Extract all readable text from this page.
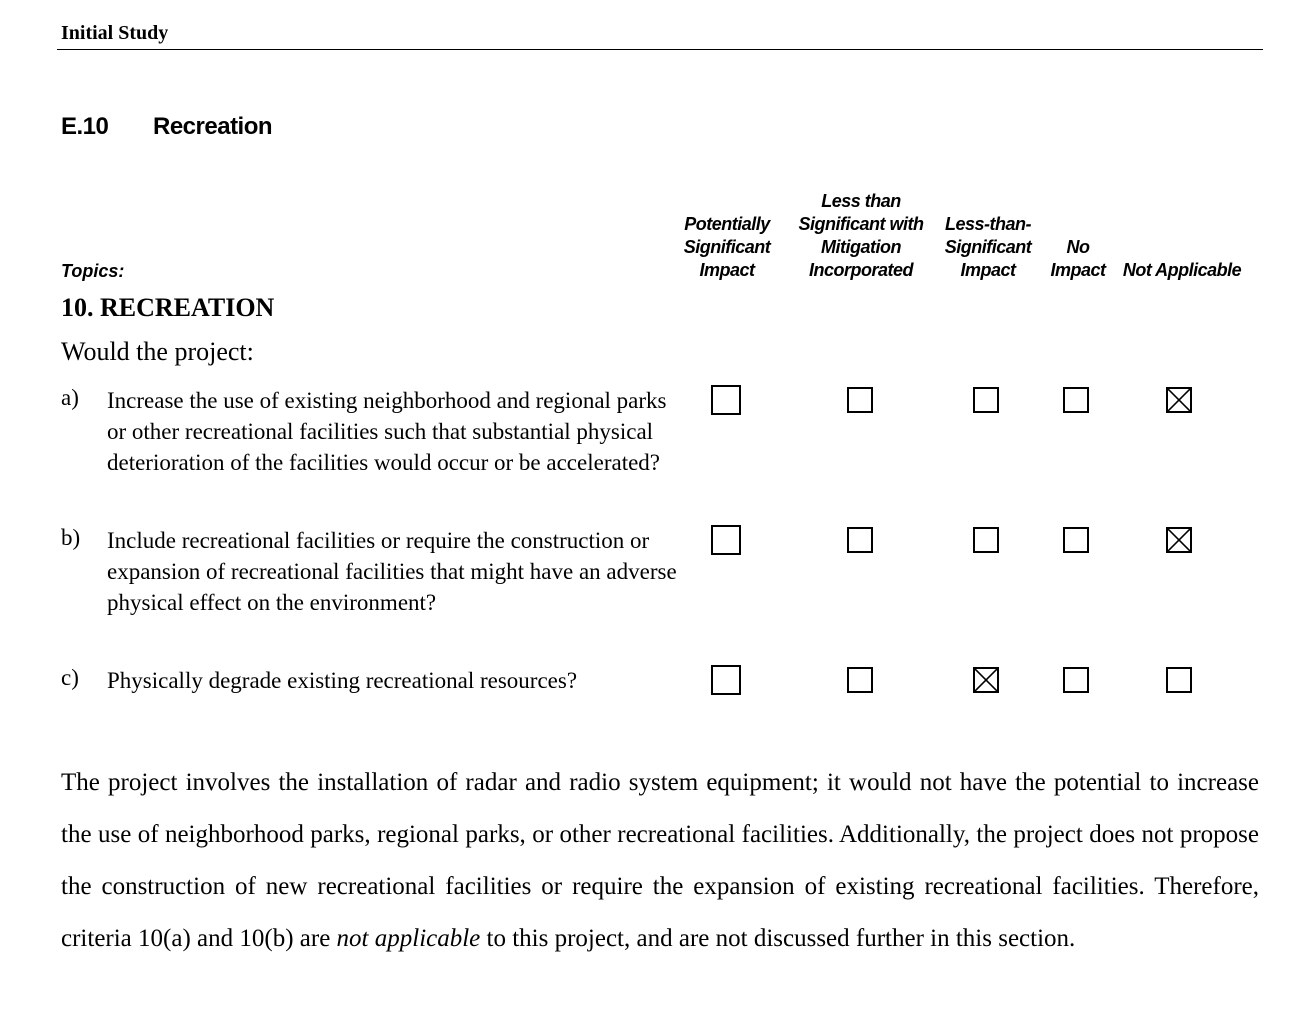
Initial Study
E.10 Recreation
Potentially
Significant
Impact
Less than
Significant with
Mitigation
Incorporated
Less-than-
Significant
Impact
No
Impact Not Applicable
Topics:
10. RECREATION
Would the project:
a) Increase the use of existing neighborhood and regional parks or other recreational facilities such that substantial physical deterioration of the facilities would occur or be accelerated?
b) Include recreational facilities or require the construction or expansion of recreational facilities that might have an adverse physical effect on the environment?
c) Physically degrade existing recreational resources?
The project involves the installation of radar and radio system equipment; it would not have the potential to increase the use of neighborhood parks, regional parks, or other recreational facilities. Additionally, the project does not propose the construction of new recreational facilities or require the expansion of existing recreational facilities. Therefore, criteria 10(a) and 10(b) are not applicable to this project, and are not discussed further in this section.
